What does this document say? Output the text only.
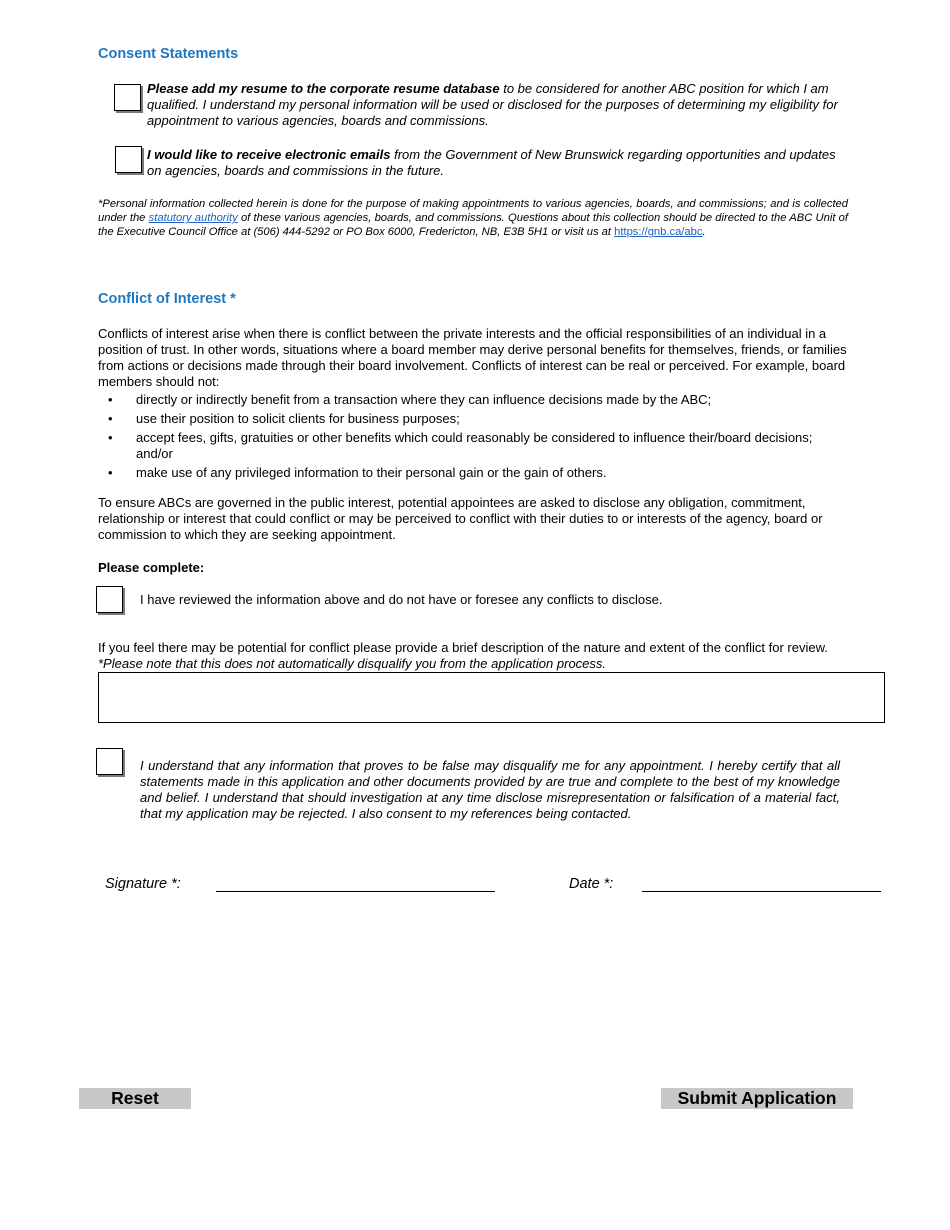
Consent Statements
Please add my resume to the corporate resume database to be considered for another ABC position for which I am qualified. I understand my personal information will be used or disclosed for the purposes of determining my eligibility for appointment to various agencies, boards and commissions.
I would like to receive electronic emails from the Government of New Brunswick regarding opportunities and updates on agencies, boards and commissions in the future.
*Personal information collected herein is done for the purpose of making appointments to various agencies, boards, and commissions; and is collected under the statutory authority of these various agencies, boards, and commissions. Questions about this collection should be directed to the ABC Unit of the Executive Council Office at (506) 444-5292 or PO Box 6000, Fredericton, NB, E3B 5H1 or visit us at https://gnb.ca/abc.
Conflict of Interest *
Conflicts of interest arise when there is conflict between the private interests and the official responsibilities of an individual in a position of trust. In other words, situations where a board member may derive personal benefits for themselves, friends, or families from actions or decisions made through their board involvement. Conflicts of interest can be real or perceived. For example, board members should not:
• directly or indirectly benefit from a transaction where they can influence decisions made by the ABC;
• use their position to solicit clients for business purposes;
• accept fees, gifts, gratuities or other benefits which could reasonably be considered to influence their/board decisions; and/or
• make use of any privileged information to their personal gain or the gain of others.
To ensure ABCs are governed in the public interest, potential appointees are asked to disclose any obligation, commitment, relationship or interest that could conflict or may be perceived to conflict with their duties to or interests of the agency, board or commission to which they are seeking appointment.
Please complete:
I have reviewed the information above and do not have or foresee any conflicts to disclose.
If you feel there may be potential for conflict please provide a brief description of the nature and extent of the conflict for review.
*Please note that this does not automatically disqualify you from the application process.
I understand that any information that proves to be false may disqualify me for any appointment. I hereby certify that all statements made in this application and other documents provided by are true and complete to the best of my knowledge and belief. I understand that should investigation at any time disclose misrepresentation or falsification of a material fact, that my application may be rejected. I also consent to my references being contacted.
Signature *:	Date *:
Reset	Submit Application
